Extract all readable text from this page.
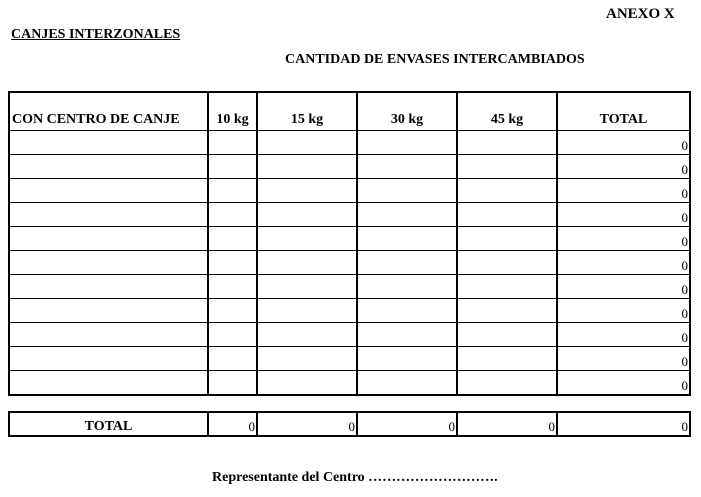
ANEXO X
CANJES INTERZONALES
CANTIDAD DE ENVASES INTERCAMBIADOS
CON CENTRO DE CANJE	10 kg	15 kg	30 kg	45 kg	TOTAL
					0
					0
					0
					0
					0
					0
					0
					0
					0
					0
					0
TOTAL	0	0	0	0	0
Representante del Centro ……………………….
